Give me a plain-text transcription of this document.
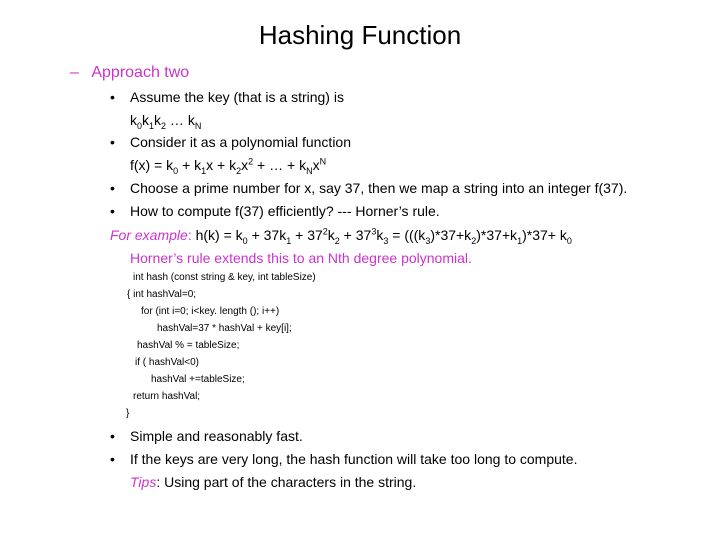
Hashing Function
– Approach two
• Assume the key (that is a string) is
$k_0k_1k_2$ … $k_N$
• Consider it as a polynomial function
$f(x) = k_0 + k_1x + k_2x^2$ + … + $k_Nx^N$
• Choose a prime number for x, say 37, then we map a string into an integer f(37).
• How to compute f(37) efficiently? --- Horner’s rule.
For example: $h(k) = k_0 + 37k_1 + 37^2k_2 + 37^3k_3 = (((k_3)*37+k_2)*37+k_1)*37+ k_0$
Horner’s rule extends this to an Nth degree polynomial.
int hash (const string & key, int tableSize)
{ int hashVal=0;
for (int i=0; i<key. length (); i++)
hashVal=37 * hashVal + key[i];
hashVal % = tableSize;
if ( hashVal<0)
hashVal +=tableSize;
return hashVal;
}
• Simple and reasonably fast.
• If the keys are very long, the hash function will take too long to compute.
Tips: Using part of the characters in the string.
